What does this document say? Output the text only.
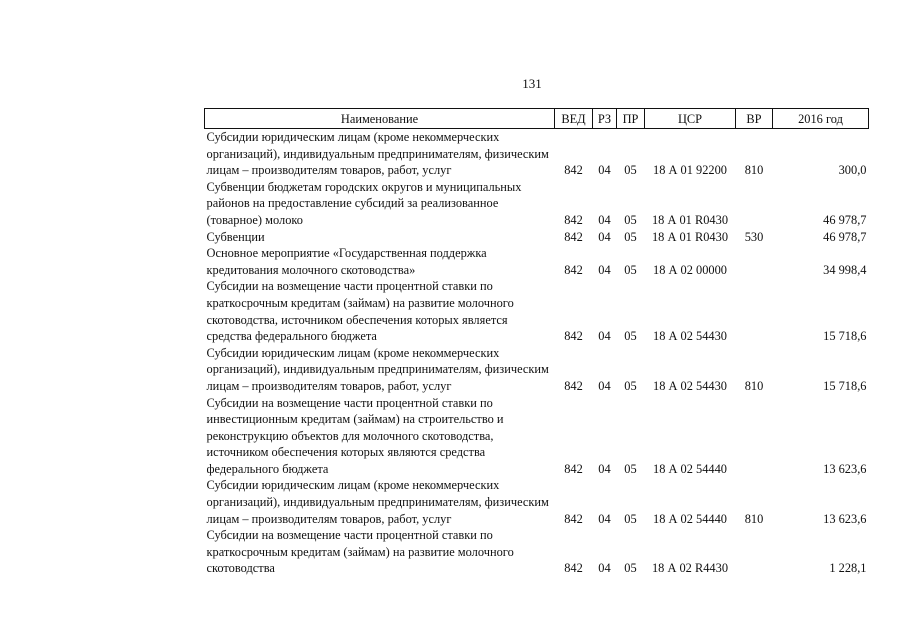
131
Наименование	ВЕД	РЗ	ПР	ЦСР	ВР	2016 год
Субсидии юридическим лицам (кроме некоммерческих организаций), индивидуальным предпринимателям, физическим лицам – производителям товаров, работ, услуг	842	04	05	18 А 01 92200	810	300,0
Субвенции бюджетам городских округов и муниципальных районов на предоставление субсидий за реализованное (товарное) молоко	842	04	05	18 А 01 R0430		46 978,7
Субвенции	842	04	05	18 А 01 R0430	530	46 978,7
Основное мероприятие «Государственная поддержка кредитования молочного скотоводства»	842	04	05	18 А 02 00000		34 998,4
Субсидии на возмещение части процентной ставки по краткосрочным кредитам (займам) на развитие молочного скотоводства, источником обеспечения которых является средства федерального бюджета	842	04	05	18 А 02 54430		15 718,6
Субсидии юридическим лицам (кроме некоммерческих организаций), индивидуальным предпринимателям, физическим лицам – производителям товаров, работ, услуг	842	04	05	18 А 02 54430	810	15 718,6
Субсидии на возмещение части процентной ставки по инвестиционным кредитам (займам) на строительство и реконструкцию объектов для молочного скотоводства, источником обеспечения которых являются средства федерального бюджета	842	04	05	18 А 02 54440		13 623,6
Субсидии юридическим лицам (кроме некоммерческих организаций), индивидуальным предпринимателям, физическим лицам – производителям товаров, работ, услуг	842	04	05	18 А 02 54440	810	13 623,6
Субсидии на возмещение части процентной ставки по краткосрочным кредитам (займам) на развитие молочного скотоводства	842	04	05	18 А 02 R4430		1 228,1
